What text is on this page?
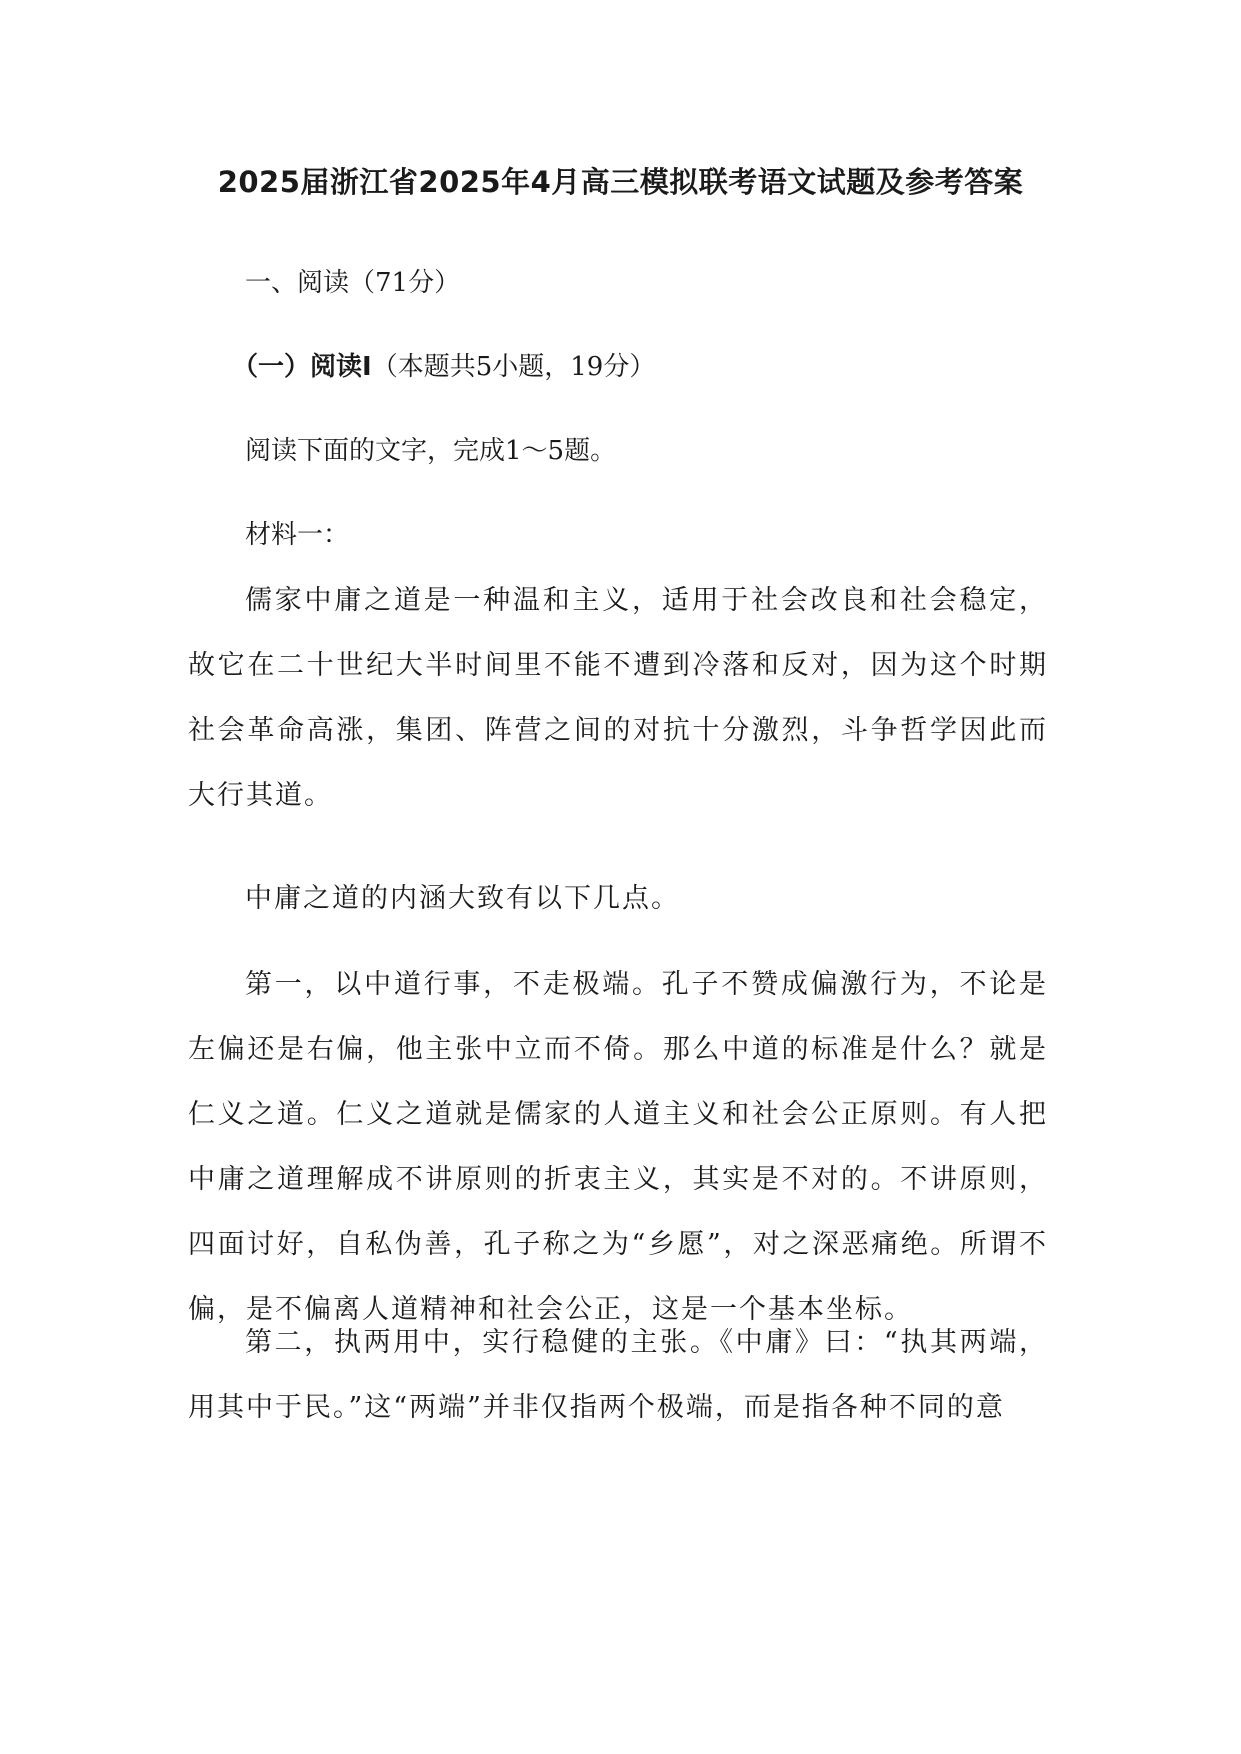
2025届浙江省2025年4月高三模拟联考语文试题及参考答案
一、阅读（71分）
（一）阅读Ⅰ（本题共5小题，19分）
阅读下面的文字，完成1～5题。
材料一：

儒家中庸之道是一种温和主义，适用于社会改良和社会稳定，故它在二十世纪大半时间里不能不遭到冷落和反对，因为这个时期社会革命高涨，集团、阵营之间的对抗十分激烈，斗争哲学因此而大行其道。

中庸之道的内涵大致有以下几点。

第一，以中道行事，不走极端。孔子不赞成偏激行为，不论是左偏还是右偏，他主张中立而不倚。那么中道的标准是什么？就是仁义之道。仁义之道就是儒家的人道主义和社会公正原则。有人把中庸之道理解成不讲原则的折衷主义，其实是不对的。不讲原则，四面讨好，自私伪善，孔子称之为“乡愿”，对之深恶痛绝。所谓不偏，是不偏离人道精神和社会公正，这是一个基本坐标。

第二，执两用中，实行稳健的主张。《中庸》曰：“执其两端，用其中于民。”这“两端”并非仅指两个极端，而是指各种不同的意
